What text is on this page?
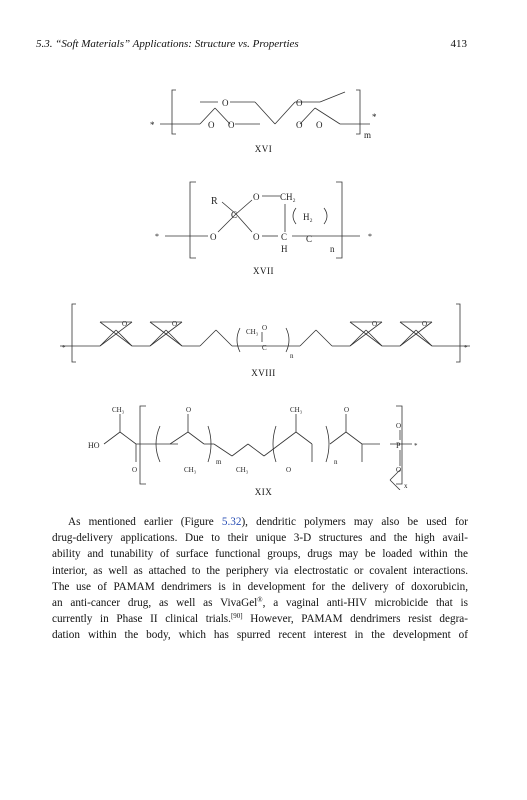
5.3. “Soft Materials” Applications: Structure vs. Properties	413
*
O
O O
O
O O
m
*
XVI
*
R	O CH₂
C
O	O C
H
H₂
C
n
*
XVII
*
O	O
CH₃ O
C
n
O	O
*
XVIII
HO
CH₃
O
O
m
CH₃	CH₃	O
n
CH₃	O
P
O
O
x
*
XIX
As mentioned earlier (Figure 5.32), dendritic polymers may also be used for
drug-delivery applications. Due to their unique 3-D structures and the high avail-
ability and tunability of surface functional groups, drugs may be loaded within the
interior, as well as attached to the periphery via electrostatic or covalent interactions.
The use of PAMAM dendrimers is in development for the delivery of doxorubicin,
an anti-cancer drug, as well as VivaGel®, a vaginal anti-HIV microbicide that is
currently in Phase II clinical trials.[90] However, PAMAM dendrimers resist degra-
dation within the body, which has spurred recent interest in the development of
